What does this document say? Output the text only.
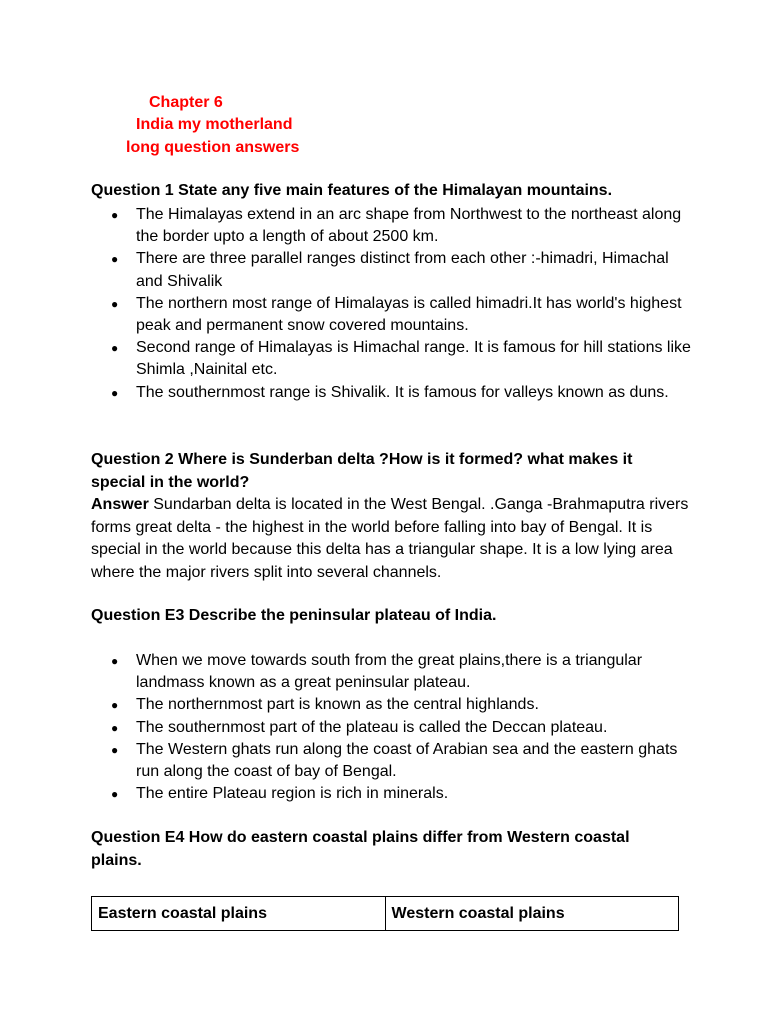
Chapter 6
India my motherland
long question answers
Question 1 State any five main features of the Himalayan mountains.
● The Himalayas extend in an arc shape from Northwest to the northeast along the border upto a length of about 2500 km.
● There are three parallel ranges distinct from each other :-himadri, Himachal and Shivalik
● The northern most range of Himalayas is called himadri.It has world's highest peak and permanent snow covered mountains.
● Second range of Himalayas is Himachal range. It is famous for hill stations like Shimla ,Nainital etc.
● The southernmost range is Shivalik. It is famous for valleys known as duns.
Question 2 Where is Sunderban delta ?How is it formed? what makes it special in the world?
Answer Sundarban delta is located in the West Bengal. .Ganga -Brahmaputra rivers forms great delta - the highest in the world before falling into bay of Bengal. It is special in the world because this delta has a triangular shape. It is a low lying area where the major rivers split into several channels.
Question E3 Describe the peninsular plateau of India.
● When we move towards south from the great plains,there is a triangular landmass known as a great peninsular plateau.
● The northernmost part is known as the central highlands.
● The southernmost part of the plateau is called the Deccan plateau.
● The Western ghats run along the coast of Arabian sea and the eastern ghats run along the coast of bay of Bengal.
● The entire Plateau region is rich in minerals.
Question E4 How do eastern coastal plains differ from Western coastal plains.
Eastern coastal plains	Western coastal plains
